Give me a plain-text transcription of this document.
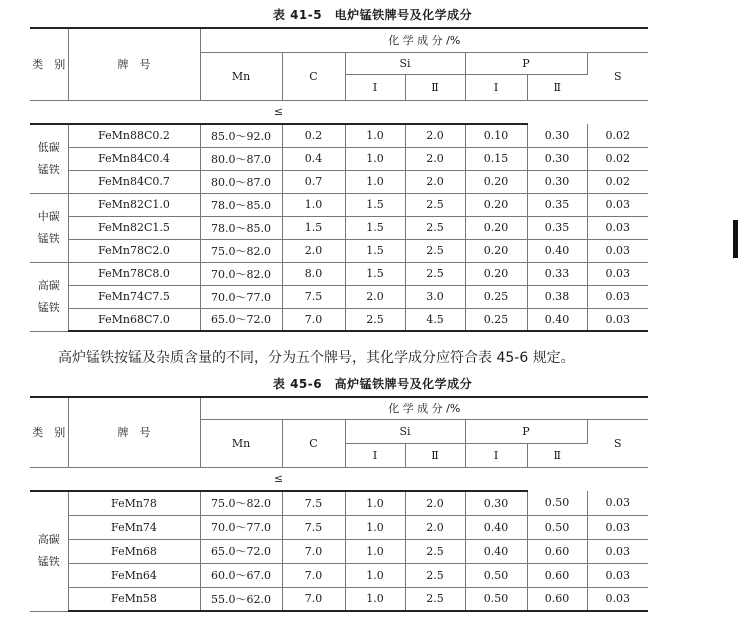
表 41-5　电炉锰铁牌号及化学成分
类　别	牌　号	化 学 成 分 /%						
		Mn	C	Si		P		S
				Ⅰ	Ⅱ	Ⅰ	Ⅱ	
≤								
低碳
锰铁	FeMn88C0.2	85.0～92.0	0.2	1.0	2.0	0.10	0.30	0.02
	FeMn84C0.4	80.0～87.0	0.4	1.0	2.0	0.15	0.30	0.02
	FeMn84C0.7	80.0～87.0	0.7	1.0	2.0	0.20	0.30	0.02
中碳
锰铁	FeMn82C1.0	78.0～85.0	1.0	1.5	2.5	0.20	0.35	0.03
	FeMn82C1.5	78.0～85.0	1.5	1.5	2.5	0.20	0.35	0.03
	FeMn78C2.0	75.0～82.0	2.0	1.5	2.5	0.20	0.40	0.03
高碳
锰铁	FeMn78C8.0	70.0～82.0	8.0	1.5	2.5	0.20	0.33	0.03
	FeMn74C7.5	70.0～77.0	7.5	2.0	3.0	0.25	0.38	0.03
	FeMn68C7.0	65.0～72.0	7.0	2.5	4.5	0.25	0.40	0.03
高炉锰铁按锰及杂质含量的不同，分为五个牌号，其化学成分应符合表 45-6 规定。
表 45-6　高炉锰铁牌号及化学成分
类　别	牌　号	化 学 成 分 /%						
		Mn	C	Si		P		S
				Ⅰ	Ⅱ	Ⅰ	Ⅱ	
≤								
高碳
锰铁	FeMn78	75.0～82.0	7.5	1.0	2.0	0.30	0.50	0.03
	FeMn74	70.0～77.0	7.5	1.0	2.0	0.40	0.50	0.03
	FeMn68	65.0～72.0	7.0	1.0	2.5	0.40	0.60	0.03
	FeMn64	60.0～67.0	7.0	1.0	2.5	0.50	0.60	0.03
	FeMn58	55.0～62.0	7.0	1.0	2.5	0.50	0.60	0.03
